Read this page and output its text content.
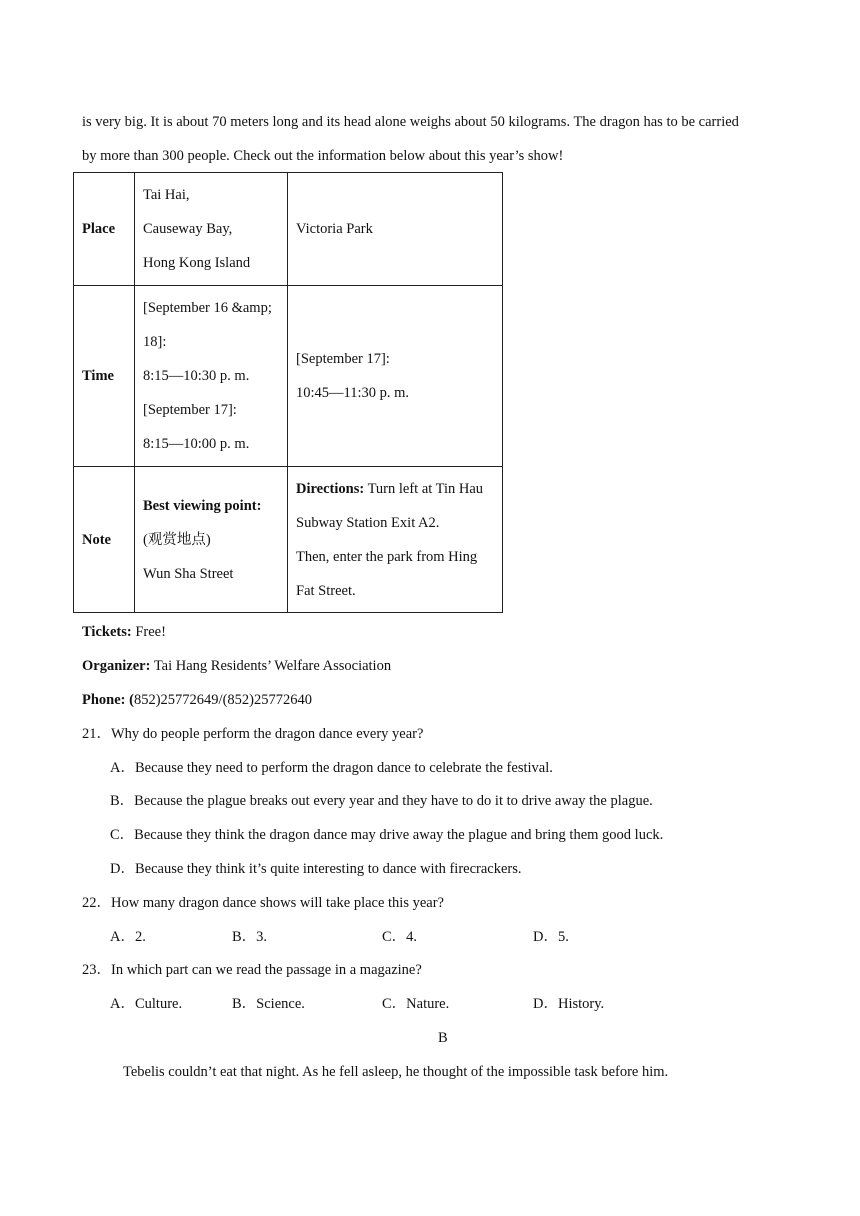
is very big. It is about 70 meters long and its head alone weighs about 50 kilograms. The dragon has to be carried
by more than 300 people. Check out the information below about this year’s show!
Place	Tai Hai,
Causeway Bay,
Hong Kong Island	Victoria Park

Time	[September 16 &amp;
18]:
8:15—10:30 p. m.
[September 17]:
8:15—10:00 p. m.	[September 17]:
10:45—11:30 p. m.

Note	Best viewing point:
(观赏地点)
Wun Sha Street	Directions: Turn left at Tin Hau
Subway Station Exit A2.
Then, enter the park from Hing
Fat Street.
Tickets: Free!
Organizer: Tai Hang Residents’ Welfare Association
Phone: (852)25772649/(852)25772640
21．Why do people perform the dragon dance every year?
A．Because they need to perform the dragon dance to celebrate the festival.
B．Because the plague breaks out every year and they have to do it to drive away the plague.
C．Because they think the dragon dance may drive away the plague and bring them good luck.
D．Because they think it’s quite interesting to dance with firecrackers.
22．How many dragon dance shows will take place this year?
A．2.	B．3.	C．4.	D．5.
23．In which part can we read the passage in a magazine?
A．Culture.	B．Science.	C．Nature.	D．History.
B
Tebelis couldn’t eat that night. As he fell asleep, he thought of the impossible task before him.
